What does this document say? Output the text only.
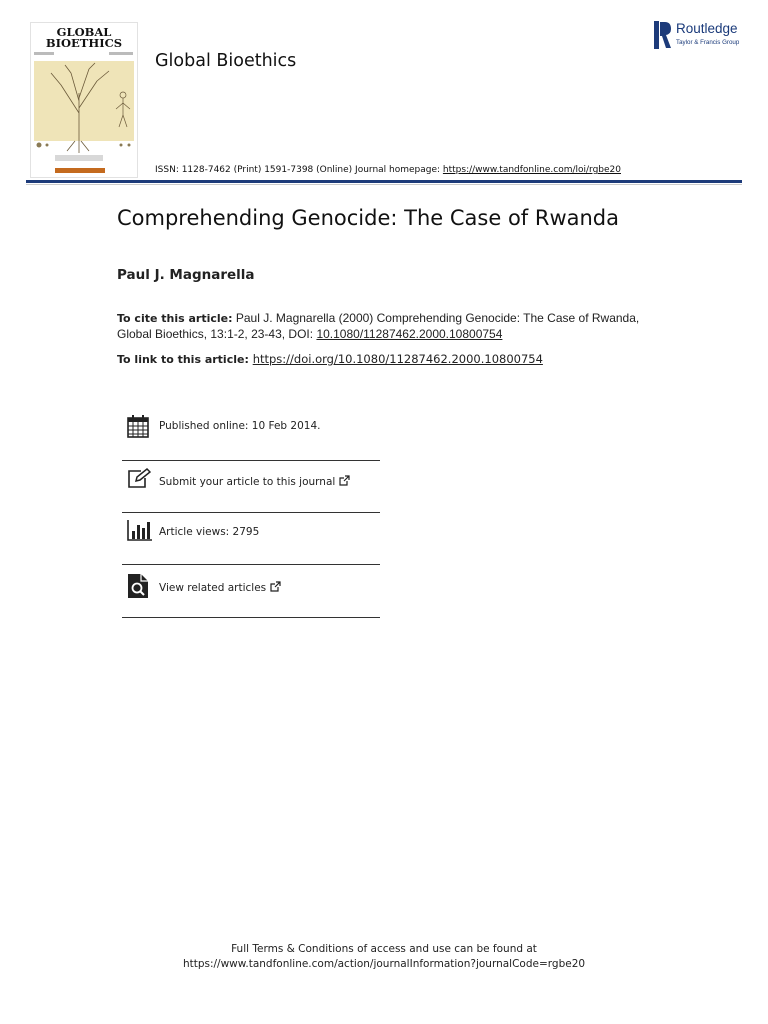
GLOBAL
BIOETHICS
Global Bioethics
Routledge
Taylor & Francis Group
ISSN: 1128-7462 (Print) 1591-7398 (Online) Journal homepage: https://www.tandfonline.com/loi/rgbe20
Comprehending Genocide: The Case of Rwanda
Paul J. Magnarella
To cite this article: Paul J. Magnarella (2000) Comprehending Genocide: The Case of Rwanda, Global Bioethics, 13:1-2, 23-43, DOI: 10.1080/11287462.2000.10800754
To link to this article: https://doi.org/10.1080/11287462.2000.10800754
Published online: 10 Feb 2014.
Submit your article to this journal
Article views: 2795
View related articles
Full Terms & Conditions of access and use can be found at
https://www.tandfonline.com/action/journalInformation?journalCode=rgbe20
